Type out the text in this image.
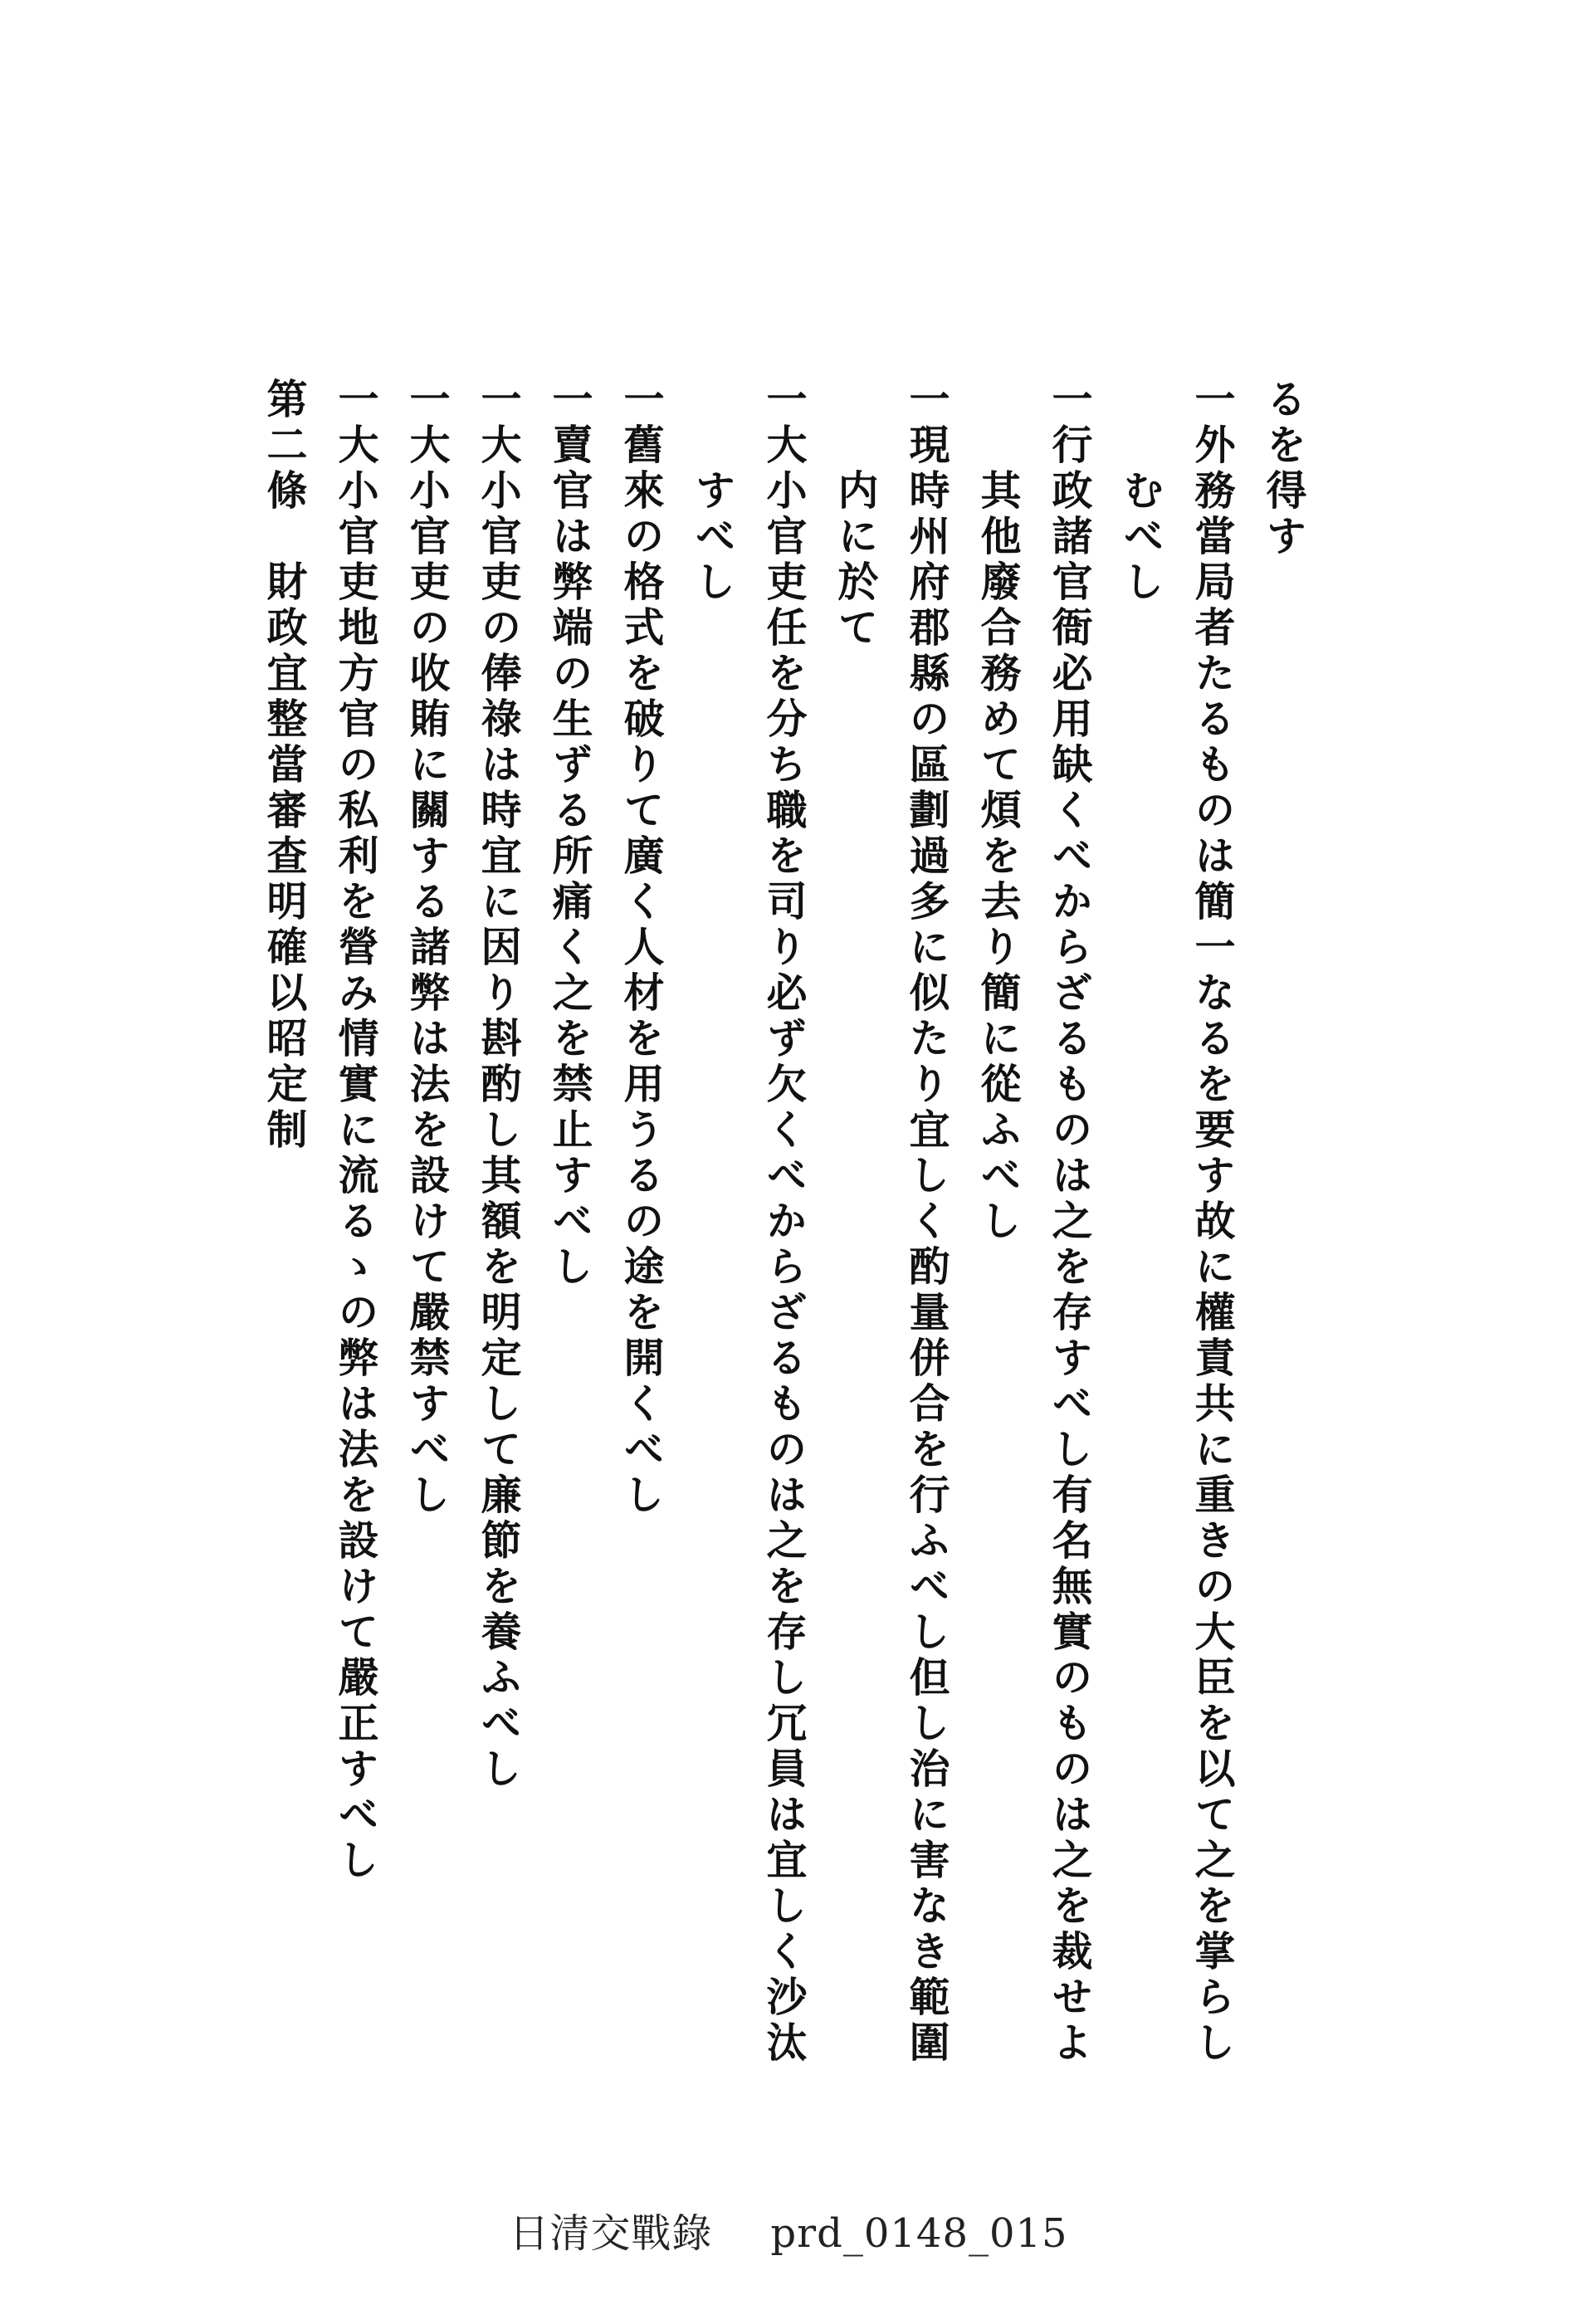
るを得す

一外務當局者たるものは簡一なるを要す故に權責共に重きの大臣を以て之を掌らし

むべし

一行政諸官衙必用缺くべからざるものは之を存すべし有名無實のものは之を裁せよ

其他廢合務めて煩を去り簡に從ふべし

一現時州府郡縣の區劃過多に似たり宜しく酌量併合を行ふべし但し治に害なき範圍

内に於て

一大小官吏任を分ち職を司り必ず欠くべからざるものは之を存し冗員は宜しく沙汰

すべし

一舊來の格式を破りて廣く人材を用うるの途を開くべし

一賣官は弊端の生ずる所痛く之を禁止すべし

一大小官吏の俸祿は時宜に因り斟酌し其額を明定して廉節を養ふべし

一大小官吏の收賄に關する諸弊は法を設けて嚴禁すべし

一大小官吏地方官の私利を營み情實に流るゝの弊は法を設けて嚴正すべし

第二條　財政宜整當審查明確以昭定制

日清交戰錄 prd_0148_015
